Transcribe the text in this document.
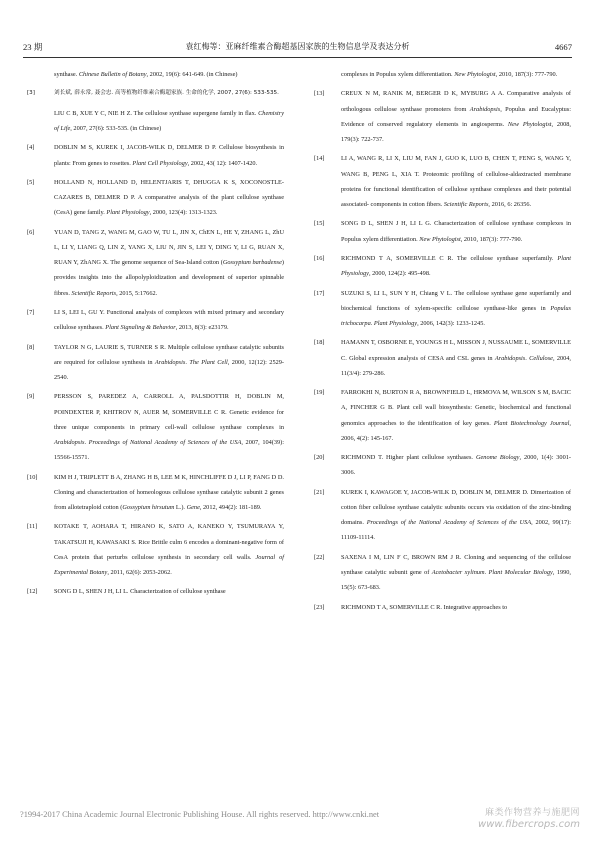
23 期	袁红梅等：亚麻纤维素合酶超基因家族的生物信息学及表达分析	4667
synthase. Chinese Bulletin of Botany, 2002, 19(6): 641-649. (in Chinese)
[3]	刘长斌, 薛永常, 聂会忠. 高等植物纤维素合酶超家族. 生命的化学, 2007, 27(6): 533-535.
LIU C B, XUE Y C, NIE H Z. The cellulose synthase supergene family in flax. Chemistry of Life, 2007, 27(6): 533-535. (in Chinese)
[4]	DOBLIN M S, KUREK I, JACOB-WILK D, DELMER D P. Cellulose biosynthesis in plants: From genes to rosettes. Plant Cell Physiology, 2002, 43( 12): 1407-1420.
[5]	HOLLAND N, HOLLAND D, HELENTJARIS T, DHUGGA K S, XOCONOSTLE-CAZARES B, DELMER D P. A comparative analysis of the plant cellulose synthase (CesA) gene family. Plant Physiology, 2000, 123(4): 1313-1323.
[6]	YUAN D, TANG Z, WANG M, GAO W, TU L, JIN X, ChEN L, HE Y, ZHANG L, ZhU L, LI Y, LIANG Q, LIN Z, YANG X, LIU N, JIN S, LEI Y, DING Y, LI G, RUAN X, RUAN Y, ZhANG X. The genome sequence of Sea-Island cotton (Gossypium barbadense) provides insights into the allopolyploidization and development of superior spinnable fibres. Scientific Reports, 2015, 5:17662.
[7]	LI S, LEI L, GU Y. Functional analysis of complexes with mixed primary and secondary cellulose synthases. Plant Signaling & Behavior, 2013, 8(3): e23179.
[8]	TAYLOR N G, LAURIE S, TURNER S R. Multiple cellulose synthase catalytic subunits are required for cellulose synthesis in Arabidopsis. The Plant Cell, 2000, 12(12): 2529-2540.
[9]	PERSSON S, PAREDEZ A, CARROLL A, PALSDOTTIR H, DOBLIN M, POINDEXTER P, KHITROV N, AUER M, SOMERVILLE C R. Genetic evidence for three unique components in primary cell-wall cellulose synthase complexes in Arabidopsis. Proceedings of National Academy of Sciences of the USA, 2007, 104(39): 15566-15571.
[10]	KIM H J, TRIPLETT B A, ZHANG H B, LEE M K, HINCHLIFFE D J, LI P, FANG D D. Cloning and characterization of homeologous cellulose synthase catalytic subunit 2 genes from allotetraploid cotton (Gossypium hirsutum L.). Gene, 2012, 494(2): 181-189.
[11]	KOTAKE T, AOHARA T, HIRANO K, SATO A, KANEKO Y, TSUMURAYA Y, TAKATSUJI H, KAWASAKI S. Rice Brittle culm 6 encodes a dominant-negative form of CesA protein that perturbs cellulose synthesis in secondary cell walls. Journal of Experimental Botany, 2011, 62(6): 2053-2062.
[12]	SONG D L, SHEN J H, LI L. Characterization of cellulose synthase
complexes in Populus xylem differentiation. New Phytologist, 2010, 187(3): 777-790.
[13]	CREUX N M, RANIK M, BERGER D K, MYBURG A A. Comparative analysis of orthologous cellulose synthase promoters from Arabidopsis, Populus and Eucalyptus: Evidence of conserved regulatory elements in angiosperms. New Phytologist, 2008, 179(3): 722-737.
[14]	LI A, WANG R, LI X, LIU M, FAN J, GUO K, LUO B, CHEN T, FENG S, WANG Y, WANG B, PENG L, XIA T. Proteomic profiling of cellulose-aldaxtracted membrane proteins for functional identification of cellulose synthase complexes and their potential associated- components in cotton fibers. Scientific Reports, 2016, 6: 26356.
[15]	SONG D L, SHEN J H, LI L G. Characterization of cellulose synthase complexes in Populus xylem differentiation. New Phytologist, 2010, 187(3): 777-790.
[16]	RICHMOND T A, SOMERVILLE C R. The cellulose synthase superfamily. Plant Physiology, 2000, 124(2): 495-498.
[17]	SUZUKI S, LI L, SUN Y H, Chiang V L. The cellulose synthase gene superfamily and biochemical functions of xylem-specific cellulose synthase-like genes in Populus trichocarpa. Plant Physiology, 2006, 142(3): 1233-1245.
[18]	HAMANN T, OSBORNE E, YOUNGS H L, MISSON J, NUSSAUME L, SOMERVILLE C. Global expression analysis of CESA and CSL genes in Arabidopsis. Cellulose, 2004, 11(3/4): 279-286.
[19]	FARROKHI N, BURTON R A, BROWNFIELD L, HRMOVA M, WILSON S M, BACIC A, FINCHER G B. Plant cell wall biosynthesis: Genetic, biochemical and functional genomics approaches to the identification of key genes. Plant Biotechnology Journal, 2006, 4(2): 145-167.
[20]	RICHMOND T. Higher plant cellulose synthases. Genome Biology, 2000, 1(4): 3001-3006.
[21]	KUREK I, KAWAGOE Y, JACOB-WILK D, DOBLIN M, DELMER D. Dimerization of cotton fiber cellulose synthase catalytic subunits occurs via oxidation of the zinc-binding domains. Proceedings of the National Academy of Sciences of the USA, 2002, 99(17): 11109-11114.
[22]	SAXENA I M, LIN F C, BROWN RM J R. Cloning and sequencing of the cellulose synthase catalytic subunit gene of Acetobacter xylinum. Plant Molecular Biology, 1990, 15(5): 673-683.
[23]	RICHMOND T A, SOMERVILLE C R. Integrative approaches to
?1994-2017 China Academic Journal Electronic Publishing House. All rights reserved. http://www.cnki.net	麻类作物营养与施肥网
www.fibercrops.com
